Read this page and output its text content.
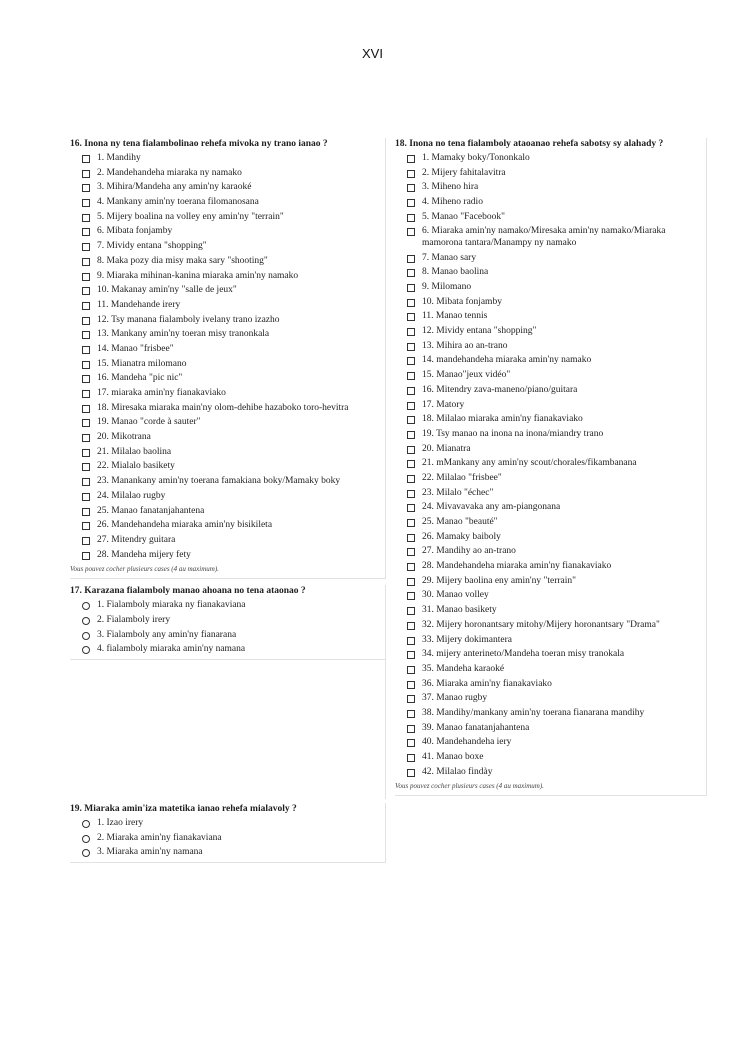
XVI
16. Inona ny tena fialambolinao rehefa mivoka ny trano ianao ?
1. Mandihy
2. Mandehandeha miaraka ny namako
3. Mihira/Mandeha any amin'ny karaoké
4. Mankany amin'ny toerana filomanosana
5. Mijery boalina na volley eny amin'ny "terrain"
6. Mibata fonjamby
7. Mividy entana "shopping"
8. Maka pozy dia misy maka sary "shooting"
9. Miaraka mihinan-kanina miaraka amin'ny namako
10. Makanay amin'ny "salle de jeux"
11. Mandehande irery
12. Tsy manana fialamboly ivelany trano izazho
13. Mankany amin'ny toeran misy tranonkala
14. Manao "frisbee"
15. Mianatra milomano
16. Mandeha "pic nic"
17. miaraka amin'ny fianakaviako
18. Miresaka miaraka main'ny olom-dehibe hazaboko toro-hevitra
19. Manao "corde à sauter"
20. Mikotrana
21. Milalao baolina
22. Mialalo basikety
23. Manankany amin'ny toerana famakiana boky/Mamaky boky
24. Milalao rugby
25. Manao fanatanjahantena
26. Mandehandeha miaraka amin'ny bisikileta
27. Mitendry guitara
28. Mandeha mijery fety
Vous pouvez cocher plusieurs cases (4 au maximum).
17. Karazana fialamboly manao ahoana no tena ataonao ?
1. Fialamboly miaraka ny fianakaviana
2. Fialamboly irery
3. Fialamboly any amin'ny fianarana
4. fialamboly miaraka amin'ny namana
19. Miaraka amin'iza matetika ianao rehefa mialavoly ?
1. Izao irery
2. Miaraka amin'ny fianakaviana
3. Miaraka amin'ny namana
18. Inona no tena fialamboly ataoanao rehefa sabotsy sy alahady ?
1. Mamaky boky/Tononkalo
2. Mijery fahitalavitra
3. Miheno hira
4. Miheno radio
5. Manao "Facebook"
6. Miaraka amin'ny namako/Miresaka amin'ny namako/Miaraka mamorona tantara/Manampy ny namako
7. Manao sary
8. Manao baolina
9. Milomano
10. Mibata fonjamby
11. Manao tennis
12. Mividy entana "shopping"
13. Mihira ao an-trano
14. mandehandeha miaraka amin'ny namako
15. Manao"jeux vidéo"
16. Mitendry zava-maneno/piano/guitara
17. Matory
18. Milalao miaraka amin'ny fianakaviako
19. Tsy manao na inona na inona/miandry trano
20. Mianatra
21. mMankany any amin'ny scout/chorales/fikambanana
22. Milalao "frisbee"
23. Milalo "échec"
24. Mivavavaka any am-piangonana
25. Manao "beauté"
26. Mamaky baiboly
27. Mandihy ao an-trano
28. Mandehandeha miaraka amin'ny fianakaviako
29. Mijery baolina eny amin'ny "terrain"
30. Manao volley
31. Manao basikety
32. Mijery horonantsary mitohy/Mijery horonantsary "Drama"
33. Mijery dokimantera
34. mijery anterineto/Mandeha toeran misy tranokala
35. Mandeha karaoké
36. Miaraka amin'ny fianakaviako
37. Manao rugby
38. Mandihy/mankany amin'ny toerana fianarana mandihy
39. Manao fanatanjahantena
40. Mandehandeha iery
41. Manao boxe
42. Milalao findày
Vous pouvez cocher plusieurs cases (4 au maximum).
